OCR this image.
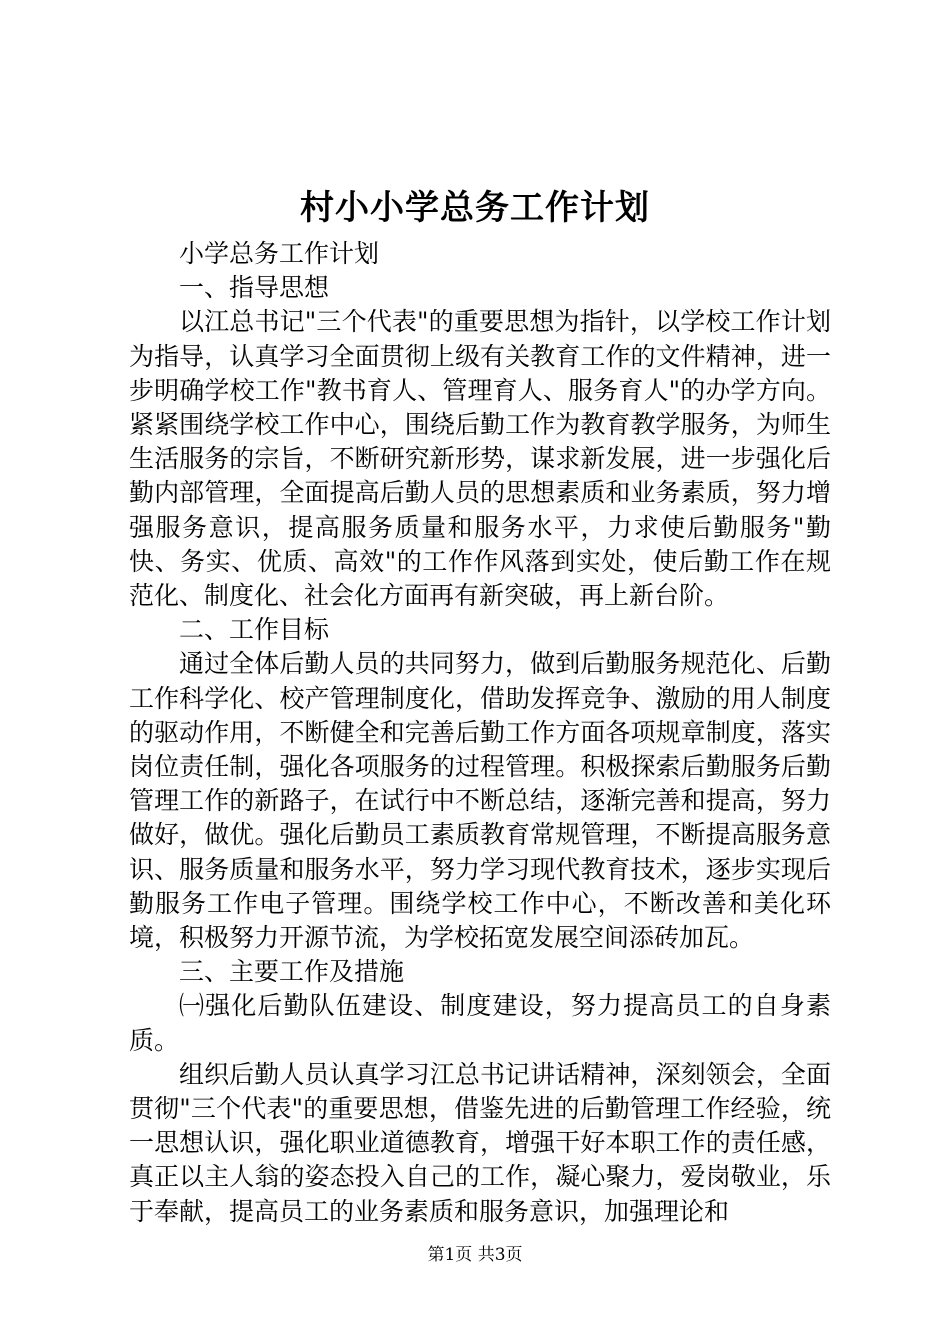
村小小学总务工作计划

小学总务工作计划

一、指导思想

以江总书记"三个代表"的重要思想为指针，以学校工作计划为指导，认真学习全面贯彻上级有关教育工作的文件精神，进一步明确学校工作"教书育人、管理育人、服务育人"的办学方向。紧紧围绕学校工作中心，围绕后勤工作为教育教学服务，为师生生活服务的宗旨，不断研究新形势，谋求新发展，进一步强化后勤内部管理，全面提高后勤人员的思想素质和业务素质，努力增强服务意识，提高服务质量和服务水平，力求使后勤服务"勤快、务实、优质、高效"的工作作风落到实处，使后勤工作在规范化、制度化、社会化方面再有新突破，再上新台阶。

二、工作目标

通过全体后勤人员的共同努力，做到后勤服务规范化、后勤工作科学化、校产管理制度化，借助发挥竞争、激励的用人制度的驱动作用，不断健全和完善后勤工作方面各项规章制度，落实岗位责任制，强化各项服务的过程管理。积极探索后勤服务后勤管理工作的新路子，在试行中不断总结，逐渐完善和提高，努力做好，做优。强化后勤员工素质教育常规管理，不断提高服务意识、服务质量和服务水平，努力学习现代教育技术，逐步实现后勤服务工作电子管理。围绕学校工作中心，不断改善和美化环境，积极努力开源节流，为学校拓宽发展空间添砖加瓦。

三、主要工作及措施

㈠强化后勤队伍建设、制度建设，努力提高员工的自身素质。

组织后勤人员认真学习江总书记讲话精神，深刻领会，全面贯彻"三个代表"的重要思想，借鉴先进的后勤管理工作经验，统一思想认识，强化职业道德教育，增强干好本职工作的责任感，真正以主人翁的姿态投入自己的工作，凝心聚力，爱岗敬业，乐于奉献，提高员工的业务素质和服务意识，加强理论和

第1页 共3页
